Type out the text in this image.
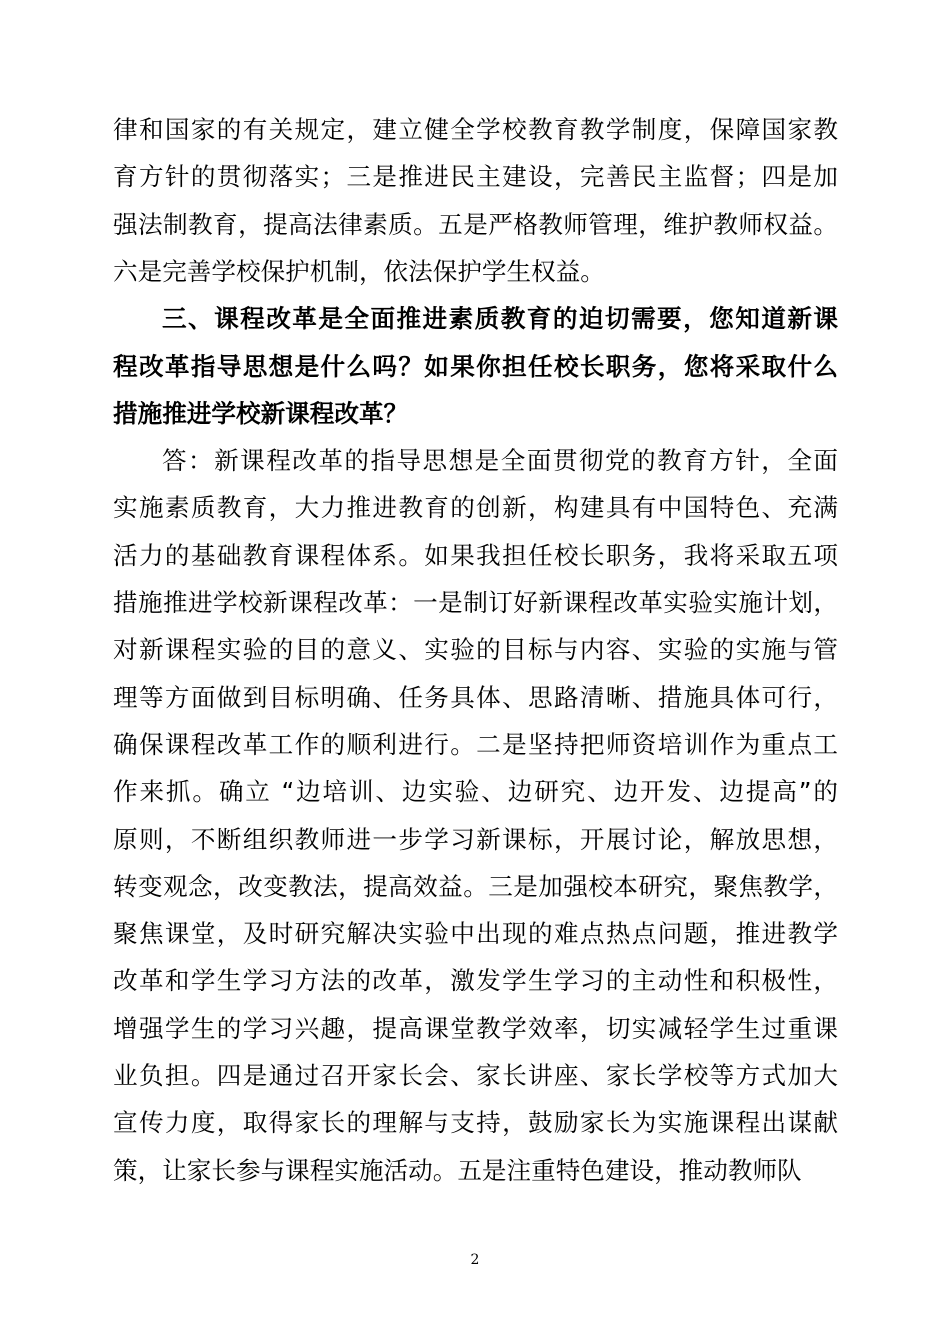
律和国家的有关规定，建立健全学校教育教学制度，保障国家教
育方针的贯彻落实；三是推进民主建设，完善民主监督；四是加
强法制教育，提高法律素质。五是严格教师管理，维护教师权益。
六是完善学校保护机制，依法保护学生权益。
三、课程改革是全面推进素质教育的迫切需要，您知道新课
程改革指导思想是什么吗？如果你担任校长职务，您将采取什么
措施推进学校新课程改革？
答：新课程改革的指导思想是全面贯彻党的教育方针，全面
实施素质教育，大力推进教育的创新，构建具有中国特色、充满
活力的基础教育课程体系。如果我担任校长职务，我将采取五项
措施推进学校新课程改革：一是制订好新课程改革实验实施计划，
对新课程实验的目的意义、实验的目标与内容、实验的实施与管
理等方面做到目标明确、任务具体、思路清晰、措施具体可行，
确保课程改革工作的顺利进行。二是坚持把师资培训作为重点工
作来抓。确立 “边培训、边实验、边研究、边开发、边提高”的
原则，不断组织教师进一步学习新课标，开展讨论，解放思想，
转变观念，改变教法，提高效益。三是加强校本研究，聚焦教学，
聚焦课堂，及时研究解决实验中出现的难点热点问题，推进教学
改革和学生学习方法的改革，激发学生学习的主动性和积极性，
增强学生的学习兴趣，提高课堂教学效率，切实减轻学生过重课
业负担。四是通过召开家长会、家长讲座、家长学校等方式加大
宣传力度，取得家长的理解与支持，鼓励家长为实施课程出谋献
策，让家长参与课程实施活动。五是注重特色建设，推动教师队
2
